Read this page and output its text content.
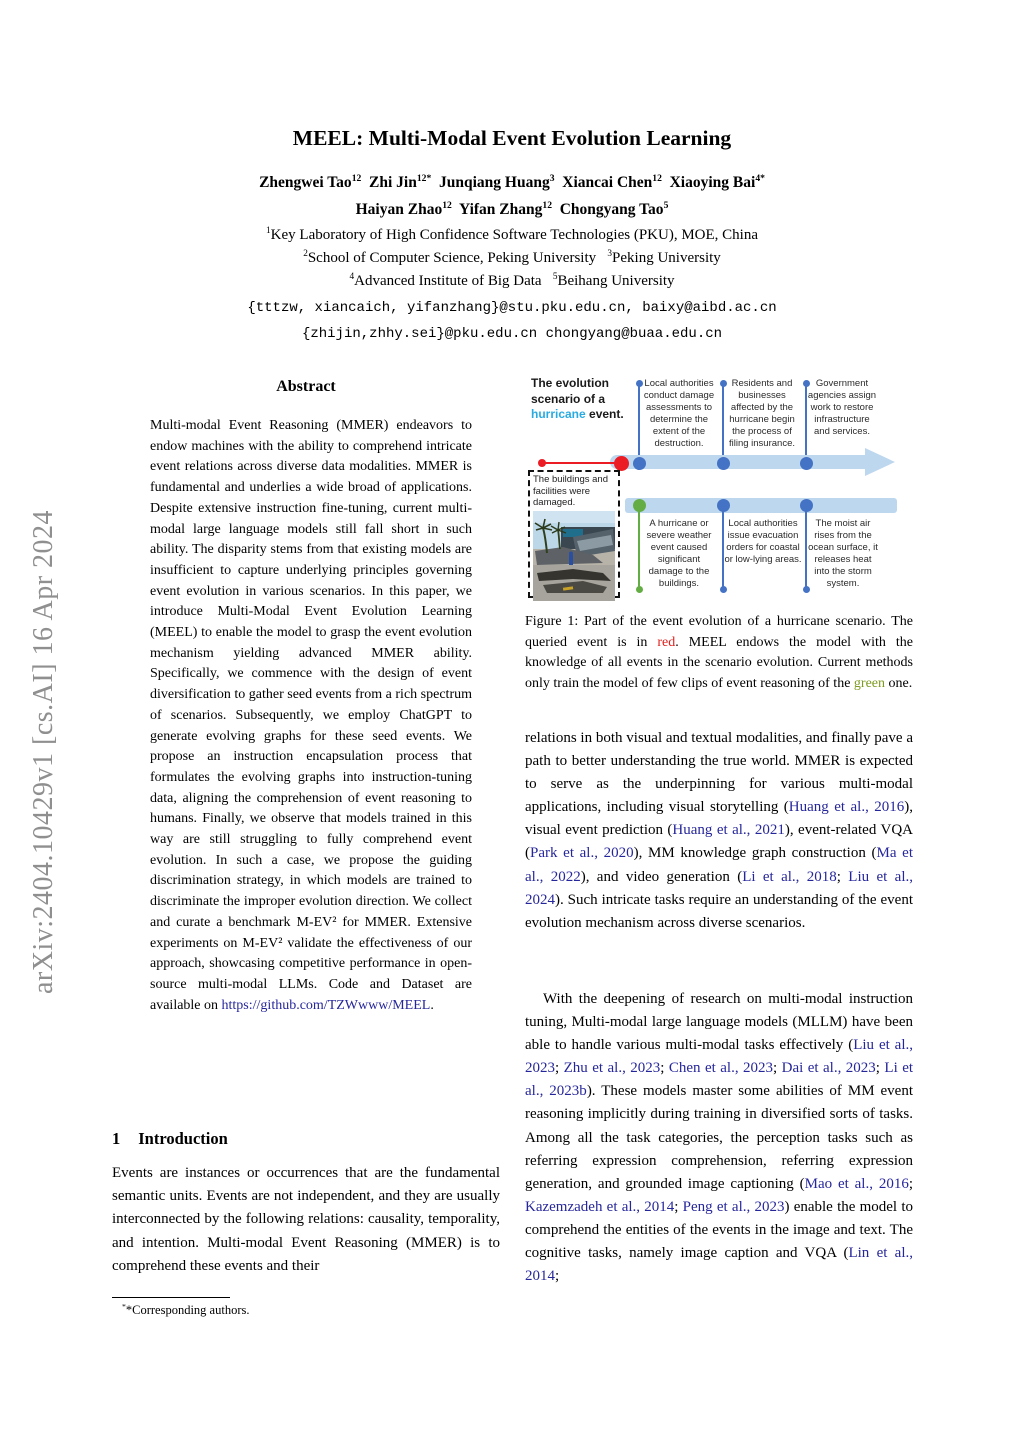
arXiv:2404.10429v1 [cs.AI] 16 Apr 2024
MEEL: Multi-Modal Event Evolution Learning
Zhengwei Tao$^{12}$  Zhi Jin$^{12*}$  Junqiang Huang$^3$  Xiancai Chen$^{12}$  Xiaoying Bai$^{4*}$
Haiyan Zhao$^{12}$  Yifan Zhang$^{12}$  Chongyang Tao$^5$
$^1$Key Laboratory of High Confidence Software Technologies (PKU), MOE, China
$^2$School of Computer Science, Peking University   $^3$Peking University
$^4$Advanced Institute of Big Data   $^5$Beihang University
{tttzw, xiancaich, yifanzhang}@stu.pku.edu.cn, baixy@aibd.ac.cn
{zhijin,zhhy.sei}@pku.edu.cn chongyang@buaa.edu.cn
Abstract
Multi-modal Event Reasoning (MMER) endeavors to endow machines with the ability to comprehend intricate event relations across diverse data modalities. MMER is fundamental and underlies a wide broad of applications. Despite extensive instruction fine-tuning, current multi-modal large language models still fall short in such ability. The disparity stems from that existing models are insufficient to capture underlying principles governing event evolution in various scenarios. In this paper, we introduce Multi-Modal Event Evolution Learning (MEEL) to enable the model to grasp the event evolution mechanism yielding advanced MMER ability. Specifically, we commence with the design of event diversification to gather seed events from a rich spectrum of scenarios. Subsequently, we employ ChatGPT to generate evolving graphs for these seed events. We propose an instruction encapsulation process that formulates the evolving graphs into instruction-tuning data, aligning the comprehension of event reasoning to humans. Finally, we observe that models trained in this way are still struggling to fully comprehend event evolution. In such a case, we propose the guiding discrimination strategy, in which models are trained to discriminate the improper evolution direction. We collect and curate a benchmark M-EV² for MMER. Extensive experiments on M-EV² validate the effectiveness of our approach, showcasing competitive performance in open-source multi-modal LLMs. Code and Dataset are available on https://github.com/TZWwww/MEEL.
1 Introduction
Events are instances or occurrences that are the fundamental semantic units. Events are not independent, and they are usually interconnected by the following relations: causality, temporality, and intention. Multi-modal Event Reasoning (MMER) is to comprehend these events and their
**Corresponding authors.
The evolution scenario of a hurricane event.
Local authorities conduct damage assessments to determine the extent of the destruction.
Residents and businesses affected by the hurricane begin the process of filing insurance.
Government agencies assign work to restore infrastructure and services.
The buildings and facilities were damaged.
A hurricane or severe weather event caused significant damage to the buildings.
Local authorities issue evacuation orders for coastal or low-lying areas.
The moist air rises from the ocean surface, it releases heat into the storm system.
Figure 1: Part of the event evolution of a hurricane scenario. The queried event is in red. MEEL endows the model with the knowledge of all events in the scenario evolution. Current methods only train the model of few clips of event reasoning of the green one.
relations in both visual and textual modalities, and finally pave a path to better understanding the true world. MMER is expected to serve as the underpinning for various multi-modal applications, including visual storytelling (Huang et al., 2016), visual event prediction (Huang et al., 2021), event-related VQA (Park et al., 2020), MM knowledge graph construction (Ma et al., 2022), and video generation (Li et al., 2018; Liu et al., 2024). Such intricate tasks require an understanding of the event evolution mechanism across diverse scenarios.
With the deepening of research on multi-modal instruction tuning, Multi-modal large language models (MLLM) have been able to handle various multi-modal tasks effectively (Liu et al., 2023; Zhu et al., 2023; Chen et al., 2023; Dai et al., 2023; Li et al., 2023b). These models master some abilities of MM event reasoning implicitly during training in diversified sorts of tasks. Among all the task categories, the perception tasks such as referring expression comprehension, referring expression generation, and grounded image captioning (Mao et al., 2016; Kazemzadeh et al., 2014; Peng et al., 2023) enable the model to comprehend the entities of the events in the image and text. The cognitive tasks, namely image caption and VQA (Lin et al., 2014;
